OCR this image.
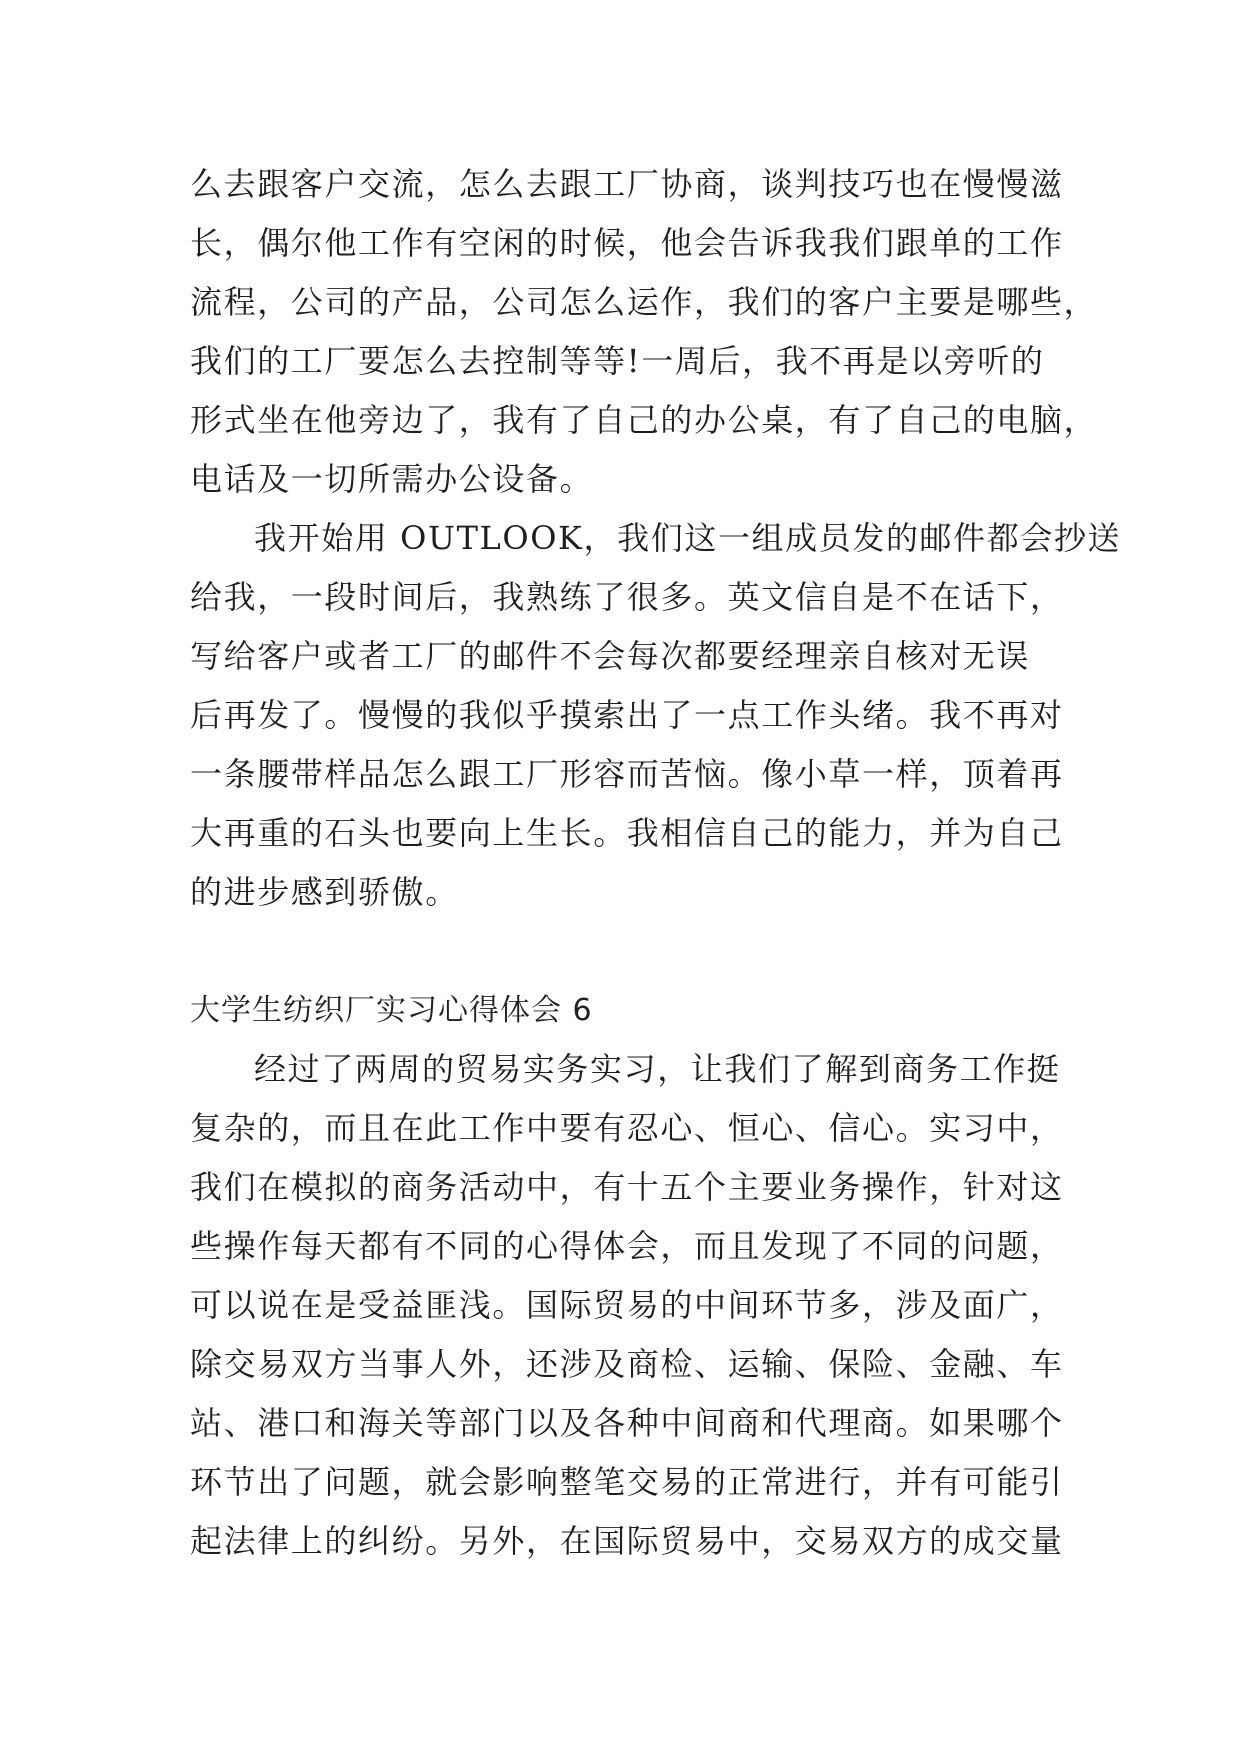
么去跟客户交流，怎么去跟工厂协商，谈判技巧也在慢慢滋
长，偶尔他工作有空闲的时候，他会告诉我我们跟单的工作
流程，公司的产品，公司怎么运作，我们的客户主要是哪些，
我们的工厂要怎么去控制等等!一周后，我不再是以旁听的
形式坐在他旁边了，我有了自己的办公桌，有了自己的电脑，
电话及一切所需办公设备。
我开始用 OUTLOOK，我们这一组成员发的邮件都会抄送
给我，一段时间后，我熟练了很多。英文信自是不在话下，
写给客户或者工厂的邮件不会每次都要经理亲自核对无误
后再发了。慢慢的我似乎摸索出了一点工作头绪。我不再对
一条腰带样品怎么跟工厂形容而苦恼。像小草一样，顶着再
大再重的石头也要向上生长。我相信自己的能力，并为自己
的进步感到骄傲。
大学生纺织厂实习心得体会 6
经过了两周的贸易实务实习，让我们了解到商务工作挺
复杂的，而且在此工作中要有忍心、恒心、信心。实习中，
我们在模拟的商务活动中，有十五个主要业务操作，针对这
些操作每天都有不同的心得体会，而且发现了不同的问题，
可以说在是受益匪浅。国际贸易的中间环节多，涉及面广，
除交易双方当事人外，还涉及商检、运输、保险、金融、车
站、港口和海关等部门以及各种中间商和代理商。如果哪个
环节出了问题，就会影响整笔交易的正常进行，并有可能引
起法律上的纠纷。另外，在国际贸易中，交易双方的成交量
